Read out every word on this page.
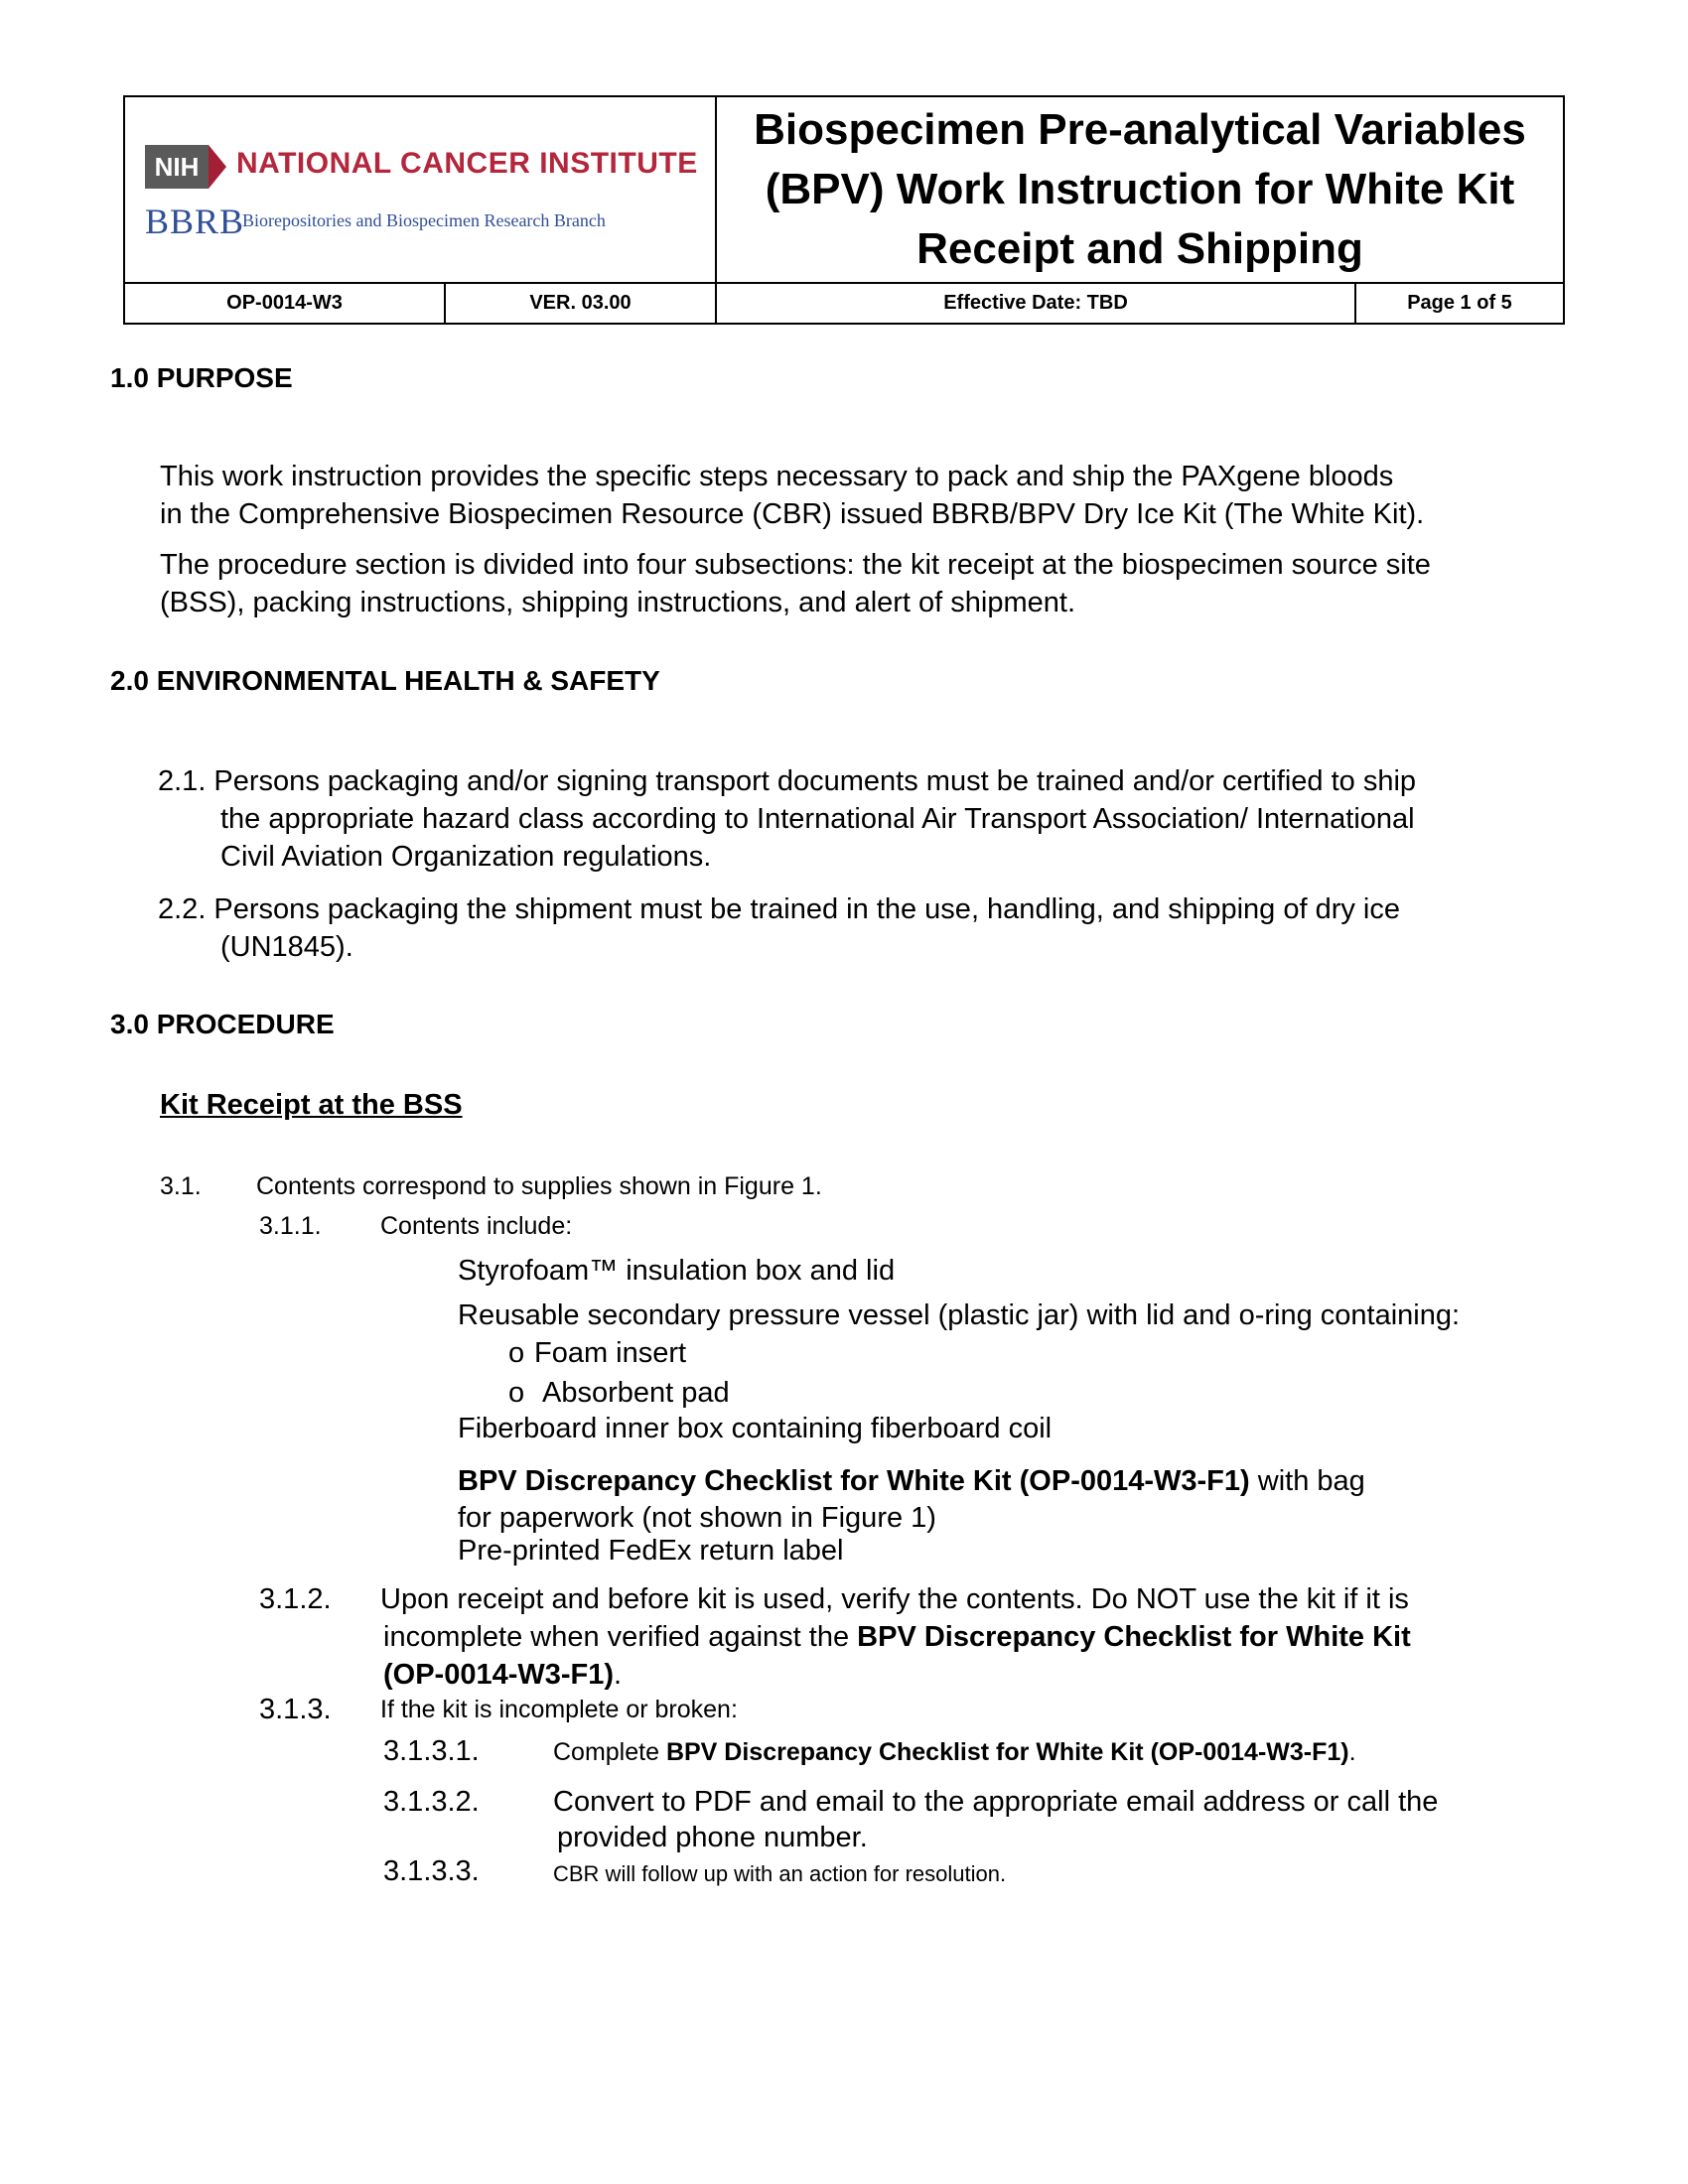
NIH	NATIONAL CANCER INSTITUTE
BBRB
Biorepositories and Biospecimen Research Branch
Biospecimen Pre-analytical Variables (BPV) Work Instruction for White Kit Receipt and Shipping
OP-0014-W3	VER. 03.00	Effective Date: TBD	Page 1 of 5
1.0 PURPOSE
This work instruction provides the specific steps necessary to pack and ship the PAXgene bloods
in the Comprehensive Biospecimen Resource (CBR) issued BBRB/BPV Dry Ice Kit (The White Kit).
The procedure section is divided into four subsections: the kit receipt at the biospecimen source site
(BSS), packing instructions, shipping instructions, and alert of shipment.
2.0 ENVIRONMENTAL HEALTH & SAFETY
2.1. Persons packaging and/or signing transport documents must be trained and/or certified to ship
the appropriate hazard class according to International Air Transport Association/ International
Civil Aviation Organization regulations.
2.2. Persons packaging the shipment must be trained in the use, handling, and shipping of dry ice
(UN1845).
3.0 PROCEDURE
Kit Receipt at the BSS
3.1. Contents correspond to supplies shown in Figure 1.
3.1.1. Contents include:
Styrofoam™ insulation box and lid
Reusable secondary pressure vessel (plastic jar) with lid and o-ring containing:
o Foam insert
o Absorbent pad
Fiberboard inner box containing fiberboard coil
BPV Discrepancy Checklist for White Kit (OP-0014-W3-F1) with bag
for paperwork (not shown in Figure 1)
Pre-printed FedEx return label
3.1.2. Upon receipt and before kit is used, verify the contents. Do NOT use the kit if it is
incomplete when verified against the BPV Discrepancy Checklist for White Kit
(OP-0014-W3-F1).
3.1.3. If the kit is incomplete or broken:
3.1.3.1.	Complete BPV Discrepancy Checklist for White Kit (OP-0014-W3-F1).
3.1.3.2.	Convert to PDF and email to the appropriate email address or call the
provided phone number.
3.1.3.3.	CBR will follow up with an action for resolution.
